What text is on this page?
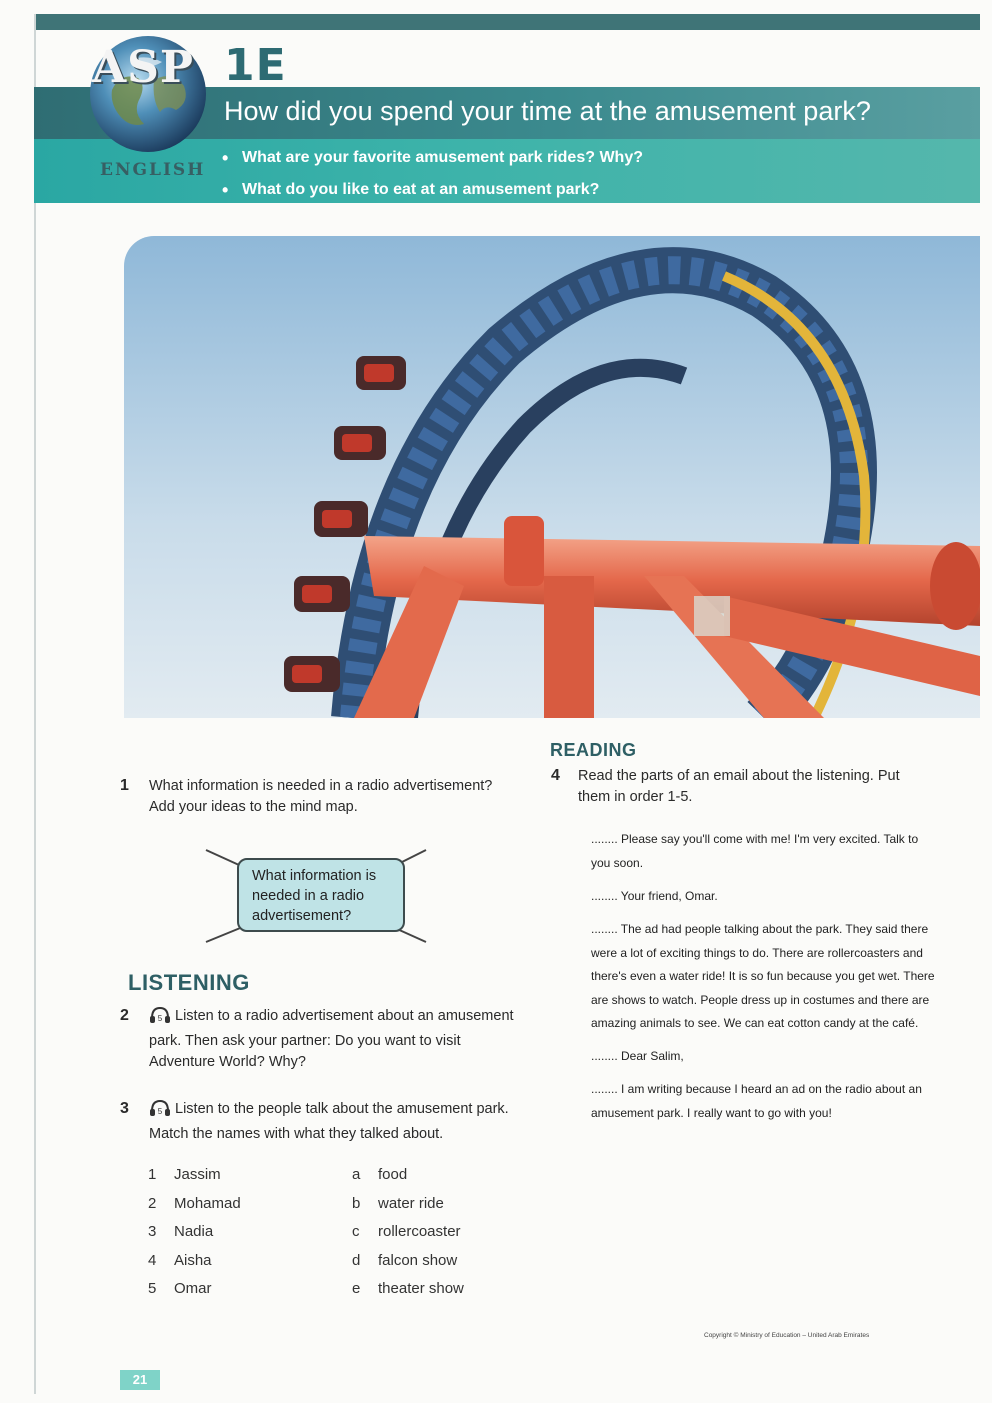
ASP
ENGLISH
1E
How did you spend your time at the amusement park?
• What are your favorite amusement park rides? Why?
• What do you like to eat at an amusement park?
1 What information is needed in a radio advertisement? Add your ideas to the mind map.

What information is needed in a radio advertisement?
LISTENING
2	5 Listen to a radio advertisement about an amusement park. Then ask your partner: Do you want to visit Adventure World? Why?
3	5 Listen to the people talk about the amusement park. Match the names with what they talked about.
1 Jassim
2 Mohamad
3 Nadia
4 Aisha
5 Omar
a food
b water ride
c rollercoaster
d falcon show
e theater show
READING
4 Read the parts of an email about the listening. Put them in order 1-5.

........ Please say you'll come with me! I'm very excited. Talk to you soon.

........ Your friend, Omar.

........ The ad had people talking about the park. They said there were a lot of exciting things to do. There are rollercoasters and there's even a water ride! It is so fun because you get wet. There are shows to watch. People dress up in costumes and there are amazing animals to see. We can eat cotton candy at the café.

........ Dear Salim,

........ I am writing because I heard an ad on the radio about an amusement park. I really want to go with you!

Copyright © Ministry of Education – United Arab Emirates
21
